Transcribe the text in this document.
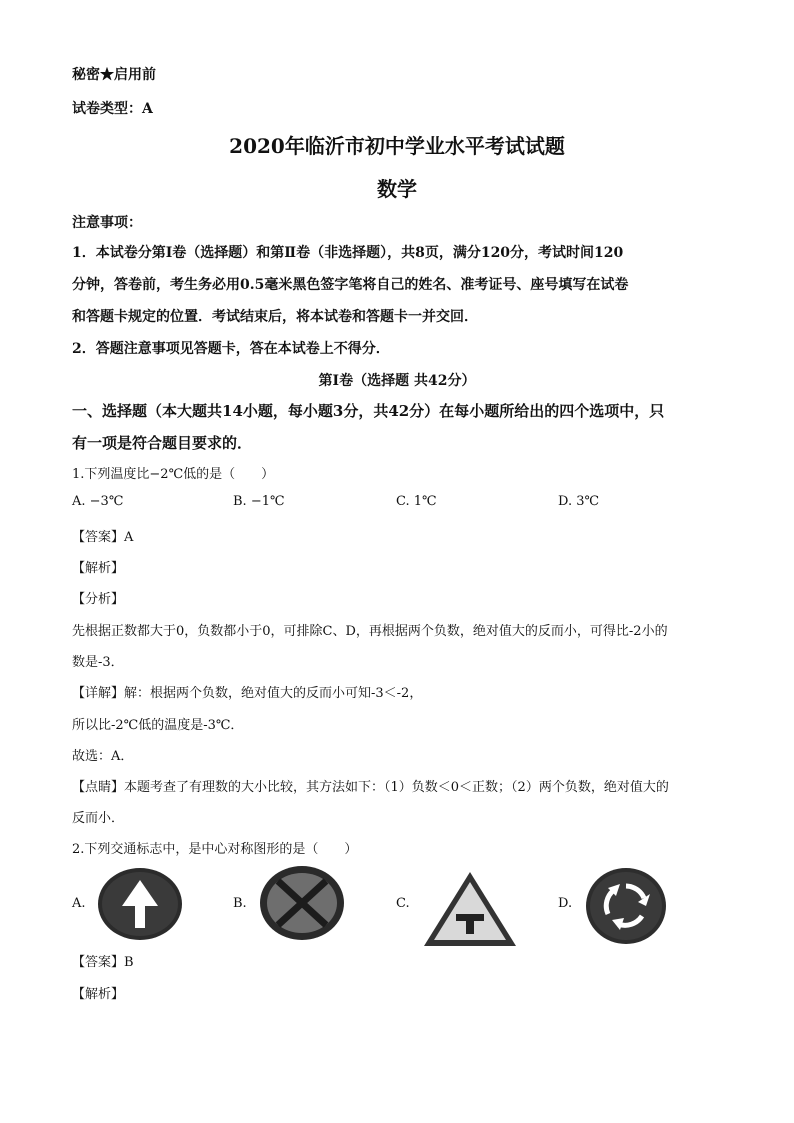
秘密★启用前
试卷类型：A
2020年临沂市初中学业水平考试试题
数学
注意事项：
1．本试卷分第Ⅰ卷（选择题）和第Ⅱ卷（非选择题），共8页，满分120分，考试时间120
分钟，答卷前，考生务必用0.5毫米黑色签字笔将自己的姓名、准考证号、座号填写在试卷
和答题卡规定的位置．考试结束后，将本试卷和答题卡一并交回．
2．答题注意事项见答题卡，答在本试卷上不得分．
第Ⅰ卷（选择题 共42分）
一、选择题（本大题共14小题，每小题3分，共42分）在每小题所给出的四个选项中，只
有一项是符合题目要求的．
1.下列温度比−2℃低的是（　　）
A. −3℃	B. −1℃	C. 1℃	D. 3℃
【答案】A
【解析】
【分析】
先根据正数都大于0，负数都小于0，可排除C、D，再根据两个负数，绝对值大的反而小，可得比-2小的
数是-3．
【详解】解：根据两个负数，绝对值大的反而小可知-3＜-2，
所以比-2℃低的温度是-3℃．
故选：A．
【点睛】本题考查了有理数的大小比较，其方法如下：（1）负数＜0＜正数；（2）两个负数，绝对值大的
反而小．
2.下列交通标志中，是中心对称图形的是（　　）
A.	B.	C.	D.
【答案】B
【解析】
